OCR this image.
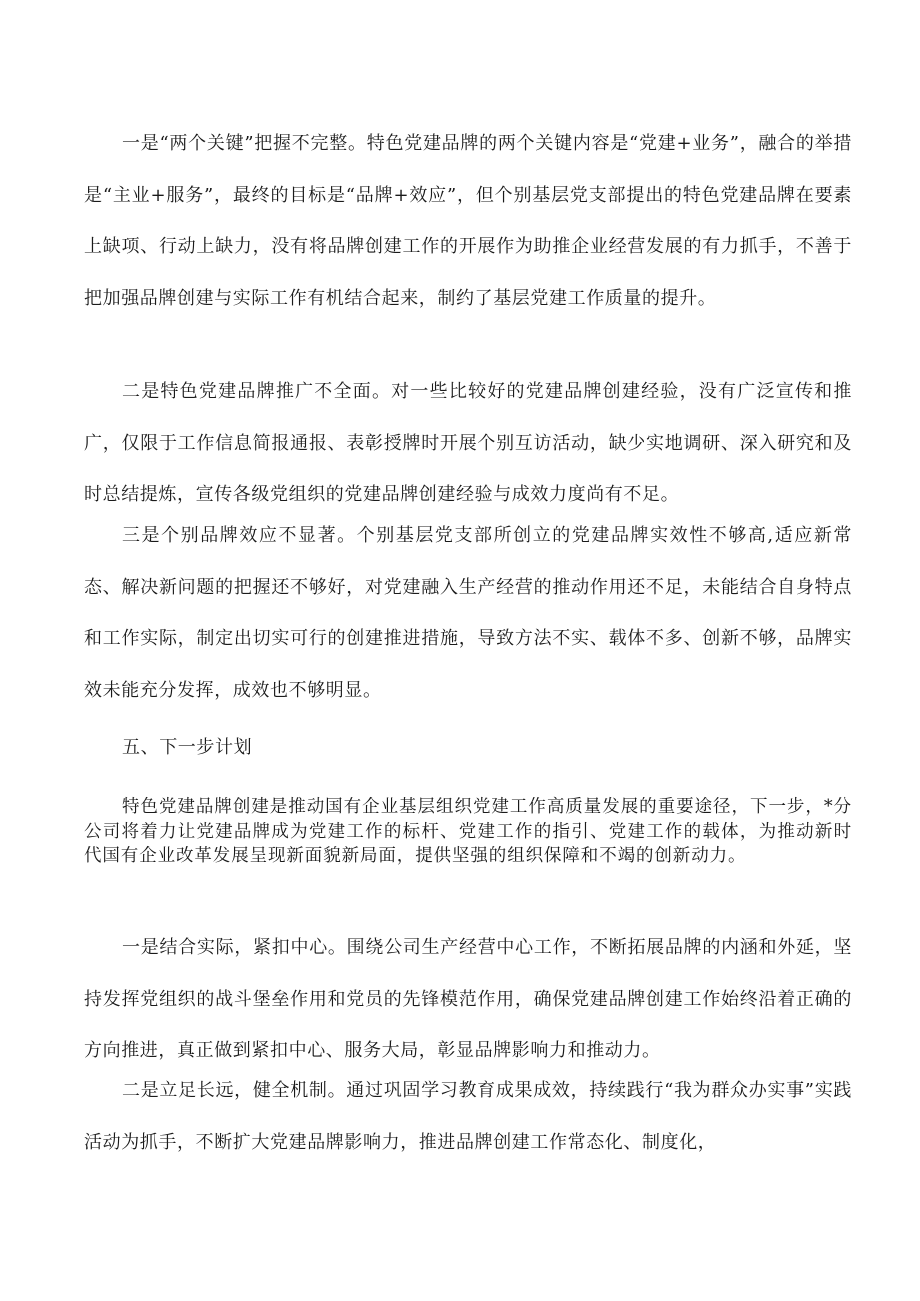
一是“两个关键”把握不完整。特色党建品牌的两个关键内容是“党建+业务”，融合的举措是“主业+服务”，最终的目标是“品牌+效应”，但个别基层党支部提出的特色党建品牌在要素上缺项、行动上缺力，没有将品牌创建工作的开展作为助推企业经营发展的有力抓手，不善于把加强品牌创建与实际工作有机结合起来，制约了基层党建工作质量的提升。

二是特色党建品牌推广不全面。对一些比较好的党建品牌创建经验，没有广泛宣传和推广，仅限于工作信息简报通报、表彰授牌时开展个别互访活动，缺少实地调研、深入研究和及时总结提炼，宣传各级党组织的党建品牌创建经验与成效力度尚有不足。

三是个别品牌效应不显著。个别基层党支部所创立的党建品牌实效性不够高,适应新常态、解决新问题的把握还不够好，对党建融入生产经营的推动作用还不足，未能结合自身特点和工作实际，制定出切实可行的创建推进措施，导致方法不实、载体不多、创新不够，品牌实效未能充分发挥，成效也不够明显。

五、下一步计划

特色党建品牌创建是推动国有企业基层组织党建工作高质量发展的重要途径，下一步，*分公司将着力让党建品牌成为党建工作的标杆、党建工作的指引、党建工作的载体，为推动新时代国有企业改革发展呈现新面貌新局面，提供坚强的组织保障和不竭的创新动力。

一是结合实际，紧扣中心。围绕公司生产经营中心工作，不断拓展品牌的内涵和外延，坚持发挥党组织的战斗堡垒作用和党员的先锋模范作用，确保党建品牌创建工作始终沿着正确的方向推进，真正做到紧扣中心、服务大局，彰显品牌影响力和推动力。

二是立足长远，健全机制。通过巩固学习教育成果成效，持续践行“我为群众办实事”实践活动为抓手，不断扩大党建品牌影响力，推进品牌创建工作常态化、制度化，
